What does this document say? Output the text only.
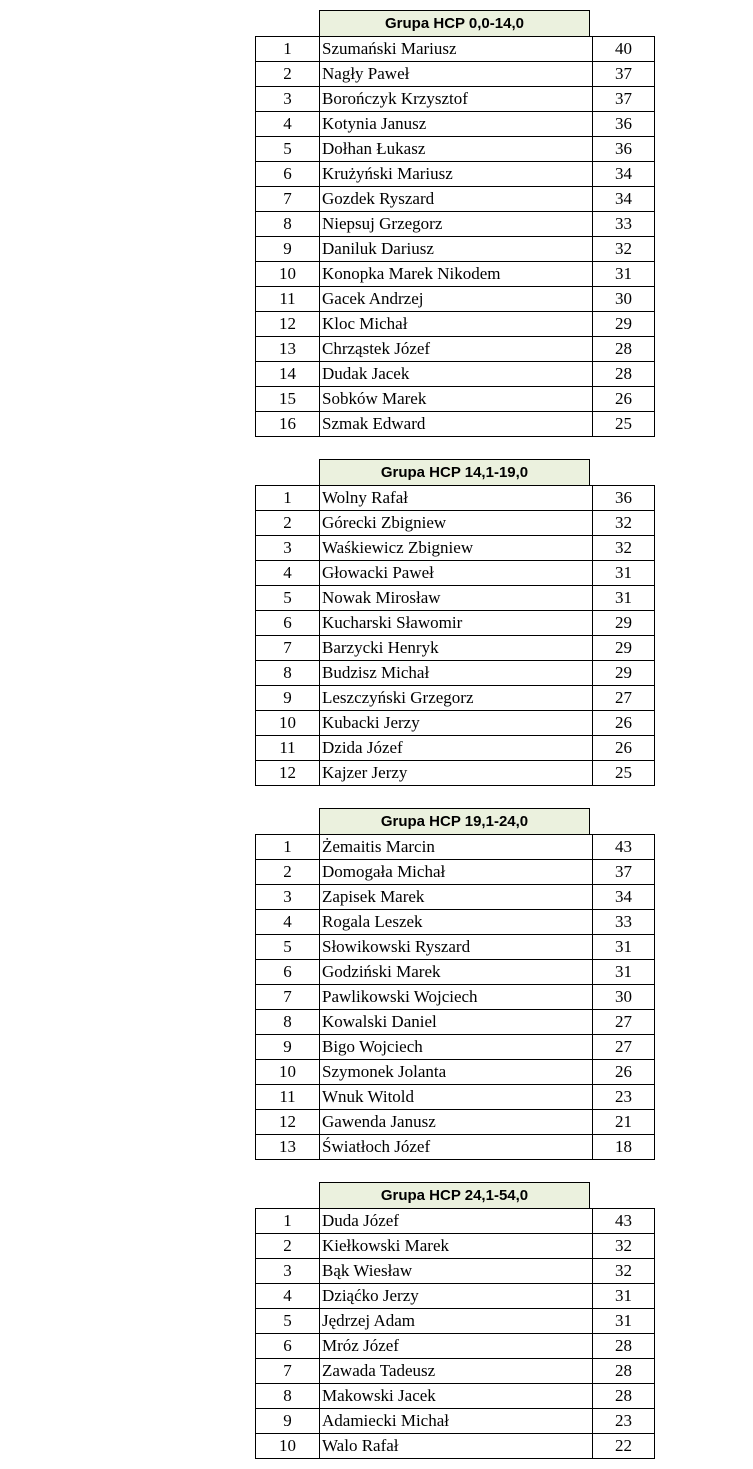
Grupa HCP 0,0-14,0
1	Szumański Mariusz	40
2	Nagły Paweł	37
3	Borończyk Krzysztof	37
4	Kotynia Janusz	36
5	Dołhan Łukasz	36
6	Krużyński Mariusz	34
7	Gozdek Ryszard	34
8	Niepsuj Grzegorz	33
9	Daniluk Dariusz	32
10	Konopka Marek Nikodem	31
11	Gacek Andrzej	30
12	Kloc Michał	29
13	Chrząstek Józef	28
14	Dudak Jacek	28
15	Sobków Marek	26
16	Szmak Edward	25
Grupa HCP 14,1-19,0
1	Wolny Rafał	36
2	Górecki Zbigniew	32
3	Waśkiewicz Zbigniew	32
4	Głowacki Paweł	31
5	Nowak Mirosław	31
6	Kucharski Sławomir	29
7	Barzycki Henryk	29
8	Budzisz Michał	29
9	Leszczyński Grzegorz	27
10	Kubacki Jerzy	26
11	Dzida Józef	26
12	Kajzer Jerzy	25
Grupa HCP 19,1-24,0
1	Żemaitis Marcin	43
2	Domogała Michał	37
3	Zapisek Marek	34
4	Rogala Leszek	33
5	Słowikowski Ryszard	31
6	Godziński Marek	31
7	Pawlikowski Wojciech	30
8	Kowalski Daniel	27
9	Bigo Wojciech	27
10	Szymonek Jolanta	26
11	Wnuk Witold	23
12	Gawenda Janusz	21
13	Światłoch Józef	18
Grupa HCP 24,1-54,0
1	Duda Józef	43
2	Kiełkowski Marek	32
3	Bąk Wiesław	32
4	Dziąćko Jerzy	31
5	Jędrzej Adam	31
6	Mróz Józef	28
7	Zawada Tadeusz	28
8	Makowski Jacek	28
9	Adamiecki Michał	23
10	Walo Rafał	22
